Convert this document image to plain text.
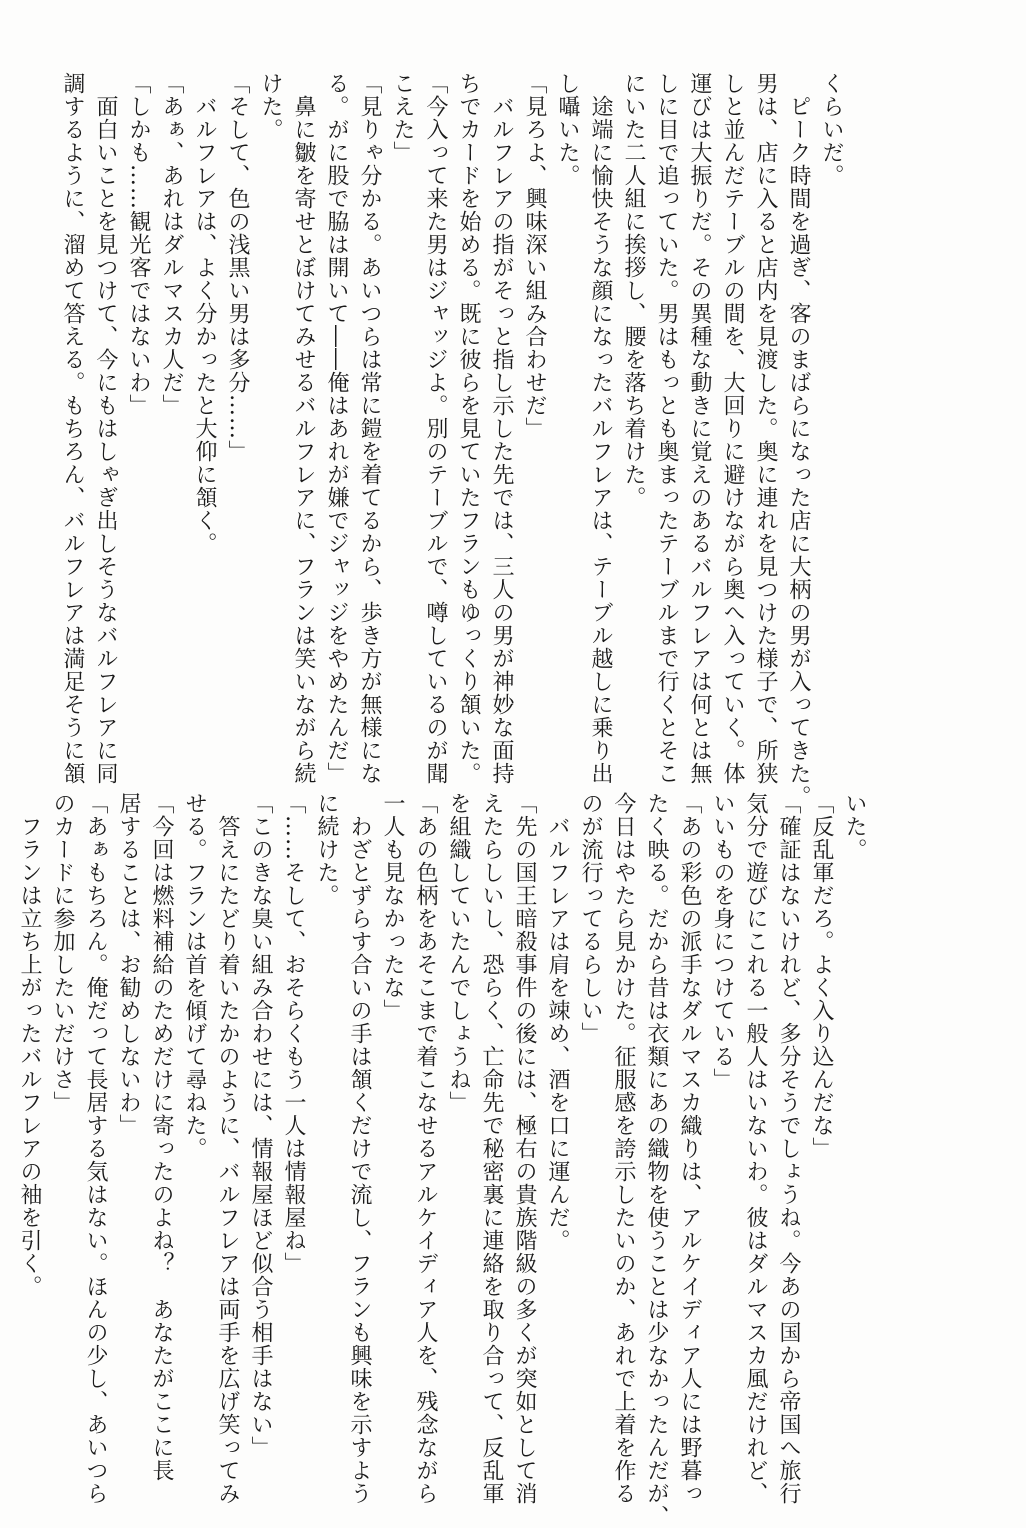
くらいだ。
　ピーク時間を過ぎ、客のまばらになった店に大柄の男が入ってきた。
男は、店に入ると店内を見渡した。奥に連れを見つけた様子で、所狭
しと並んだテーブルの間を、大回りに避けながら奥へ入っていく。体
運びは大振りだ。その異種な動きに覚えのあるバルフレアは何とは無
しに目で追っていた。男はもっとも奥まったテーブルまで行くとそこ
にいた二人組に挨拶し、腰を落ち着けた。
　途端に愉快そうな顔になったバルフレアは、テーブル越しに乗り出
し囁いた。
「見ろよ、興味深い組み合わせだ」
　バルフレアの指がそっと指し示した先では、三人の男が神妙な面持
ちでカードを始める。既に彼らを見ていたフランもゆっくり頷いた。
「今入って来た男はジャッジよ。別のテーブルで、噂しているのが聞
こえた」
「見りゃ分かる。あいつらは常に鎧を着てるから、歩き方が無様にな
る。がに股で脇は開いて――俺はあれが嫌でジャッジをやめたんだ」
　鼻に皺を寄せとぼけてみせるバルフレアに、フランは笑いながら続
けた。
「そして、色の浅黒い男は多分……」
　バルフレアは、よく分かったと大仰に頷く。
「あぁ、あれはダルマスカ人だ」
「しかも……観光客ではないわ」
　面白いことを見つけて、今にもはしゃぎ出しそうなバルフレアに同
調するように、溜めて答える。もちろん、バルフレアは満足そうに頷
いた。
「反乱軍だろ。よく入り込んだな」
「確証はないけれど、多分そうでしょうね。今あの国から帝国へ旅行
気分で遊びにこれる一般人はいないわ。彼はダルマスカ風だけれど、
いいものを身につけている」
「あの彩色の派手なダルマスカ織りは、アルケイディア人には野暮っ
たく映る。だから昔は衣類にあの織物を使うことは少なかったんだが、
今日はやたら見かけた。征服感を誇示したいのか、あれで上着を作る
のが流行ってるらしい」
　バルフレアは肩を竦め、酒を口に運んだ。
「先の国王暗殺事件の後には、極右の貴族階級の多くが突如として消
えたらしいし、恐らく、亡命先で秘密裏に連絡を取り合って、反乱軍
を組織していたんでしょうね」
「あの色柄をあそこまで着こなせるアルケイディア人を、残念ながら
一人も見なかったな」
　わざとずらす合いの手は頷くだけで流し、フランも興味を示すよう
に続けた。
「……そして、おそらくもう一人は情報屋ね」
「このきな臭い組み合わせには、情報屋ほど似合う相手はない」
　答えにたどり着いたかのように、バルフレアは両手を広げ笑ってみ
せる。フランは首を傾げて尋ねた。
「今回は燃料補給のためだけに寄ったのよね？　あなたがここに長
居することは、お勧めしないわ」
「あぁもちろん。俺だって長居する気はない。ほんの少し、あいつら
のカードに参加したいだけさ」
　フランは立ち上がったバルフレアの袖を引く。
